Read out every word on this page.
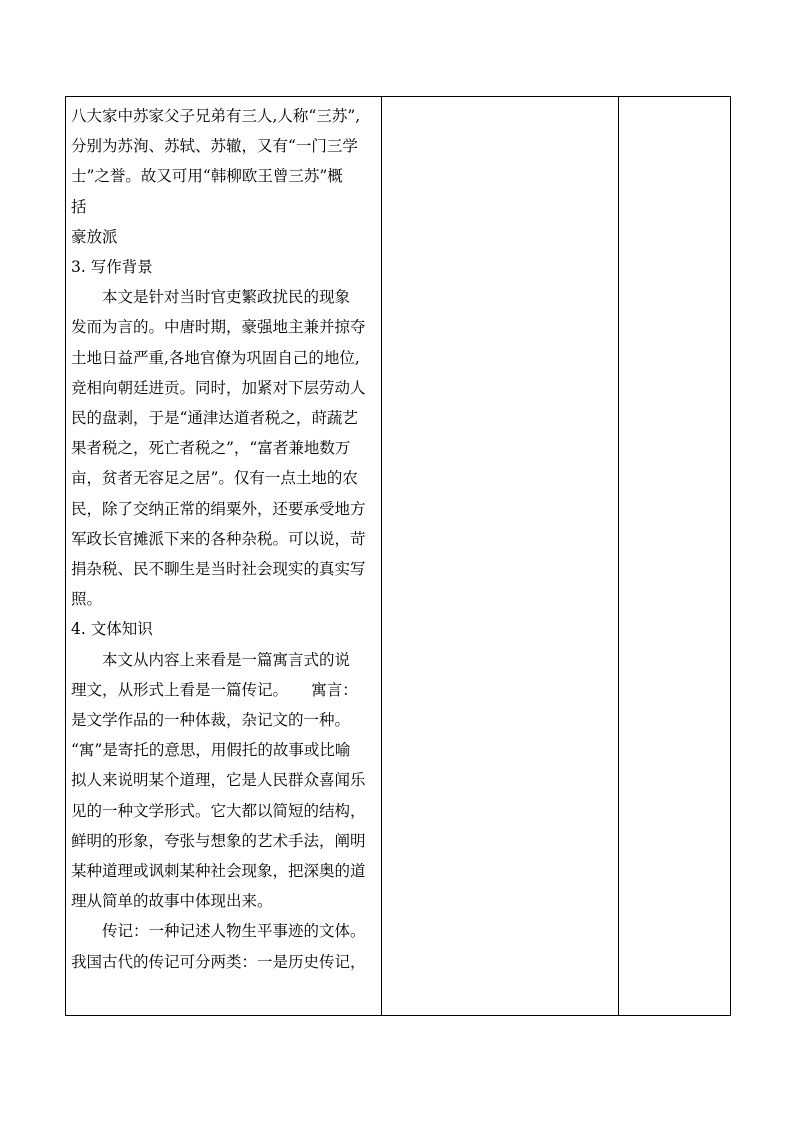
八大家中苏家父子兄弟有三人,人称“三苏”,
分别为苏洵、苏轼、苏辙，又有“一门三学
士”之誉。故又可用“韩柳欧王曾三苏”概
括
豪放派
3. 写作背景
本文是针对当时官吏繁政扰民的现象
发而为言的。中唐时期，豪强地主兼并掠夺
土地日益严重,各地官僚为巩固自己的地位,
竞相向朝廷进贡。同时，加紧对下层劳动人
民的盘剥，于是“通津达道者税之，莳蔬艺
果者税之，死亡者税之”，“富者兼地数万
亩，贫者无容足之居”。仅有一点土地的农
民，除了交纳正常的绢粟外，还要承受地方
军政长官摊派下来的各种杂税。可以说，苛
捐杂税、民不聊生是当时社会现实的真实写
照。
4. 文体知识
本文从内容上来看是一篇寓言式的说
理文，从形式上看是一篇传记。　　寓言：
是文学作品的一种体裁，杂记文的一种。
“寓”是寄托的意思，用假托的故事或比喻
拟人来说明某个道理，它是人民群众喜闻乐
见的一种文学形式。它大都以简短的结构，
鲜明的形象，夸张与想象的艺术手法，阐明
某种道理或讽刺某种社会现象，把深奥的道
理从简单的故事中体现出来。
传记：一种记述人物生平事迹的文体。
我国古代的传记可分两类：一是历史传记，
